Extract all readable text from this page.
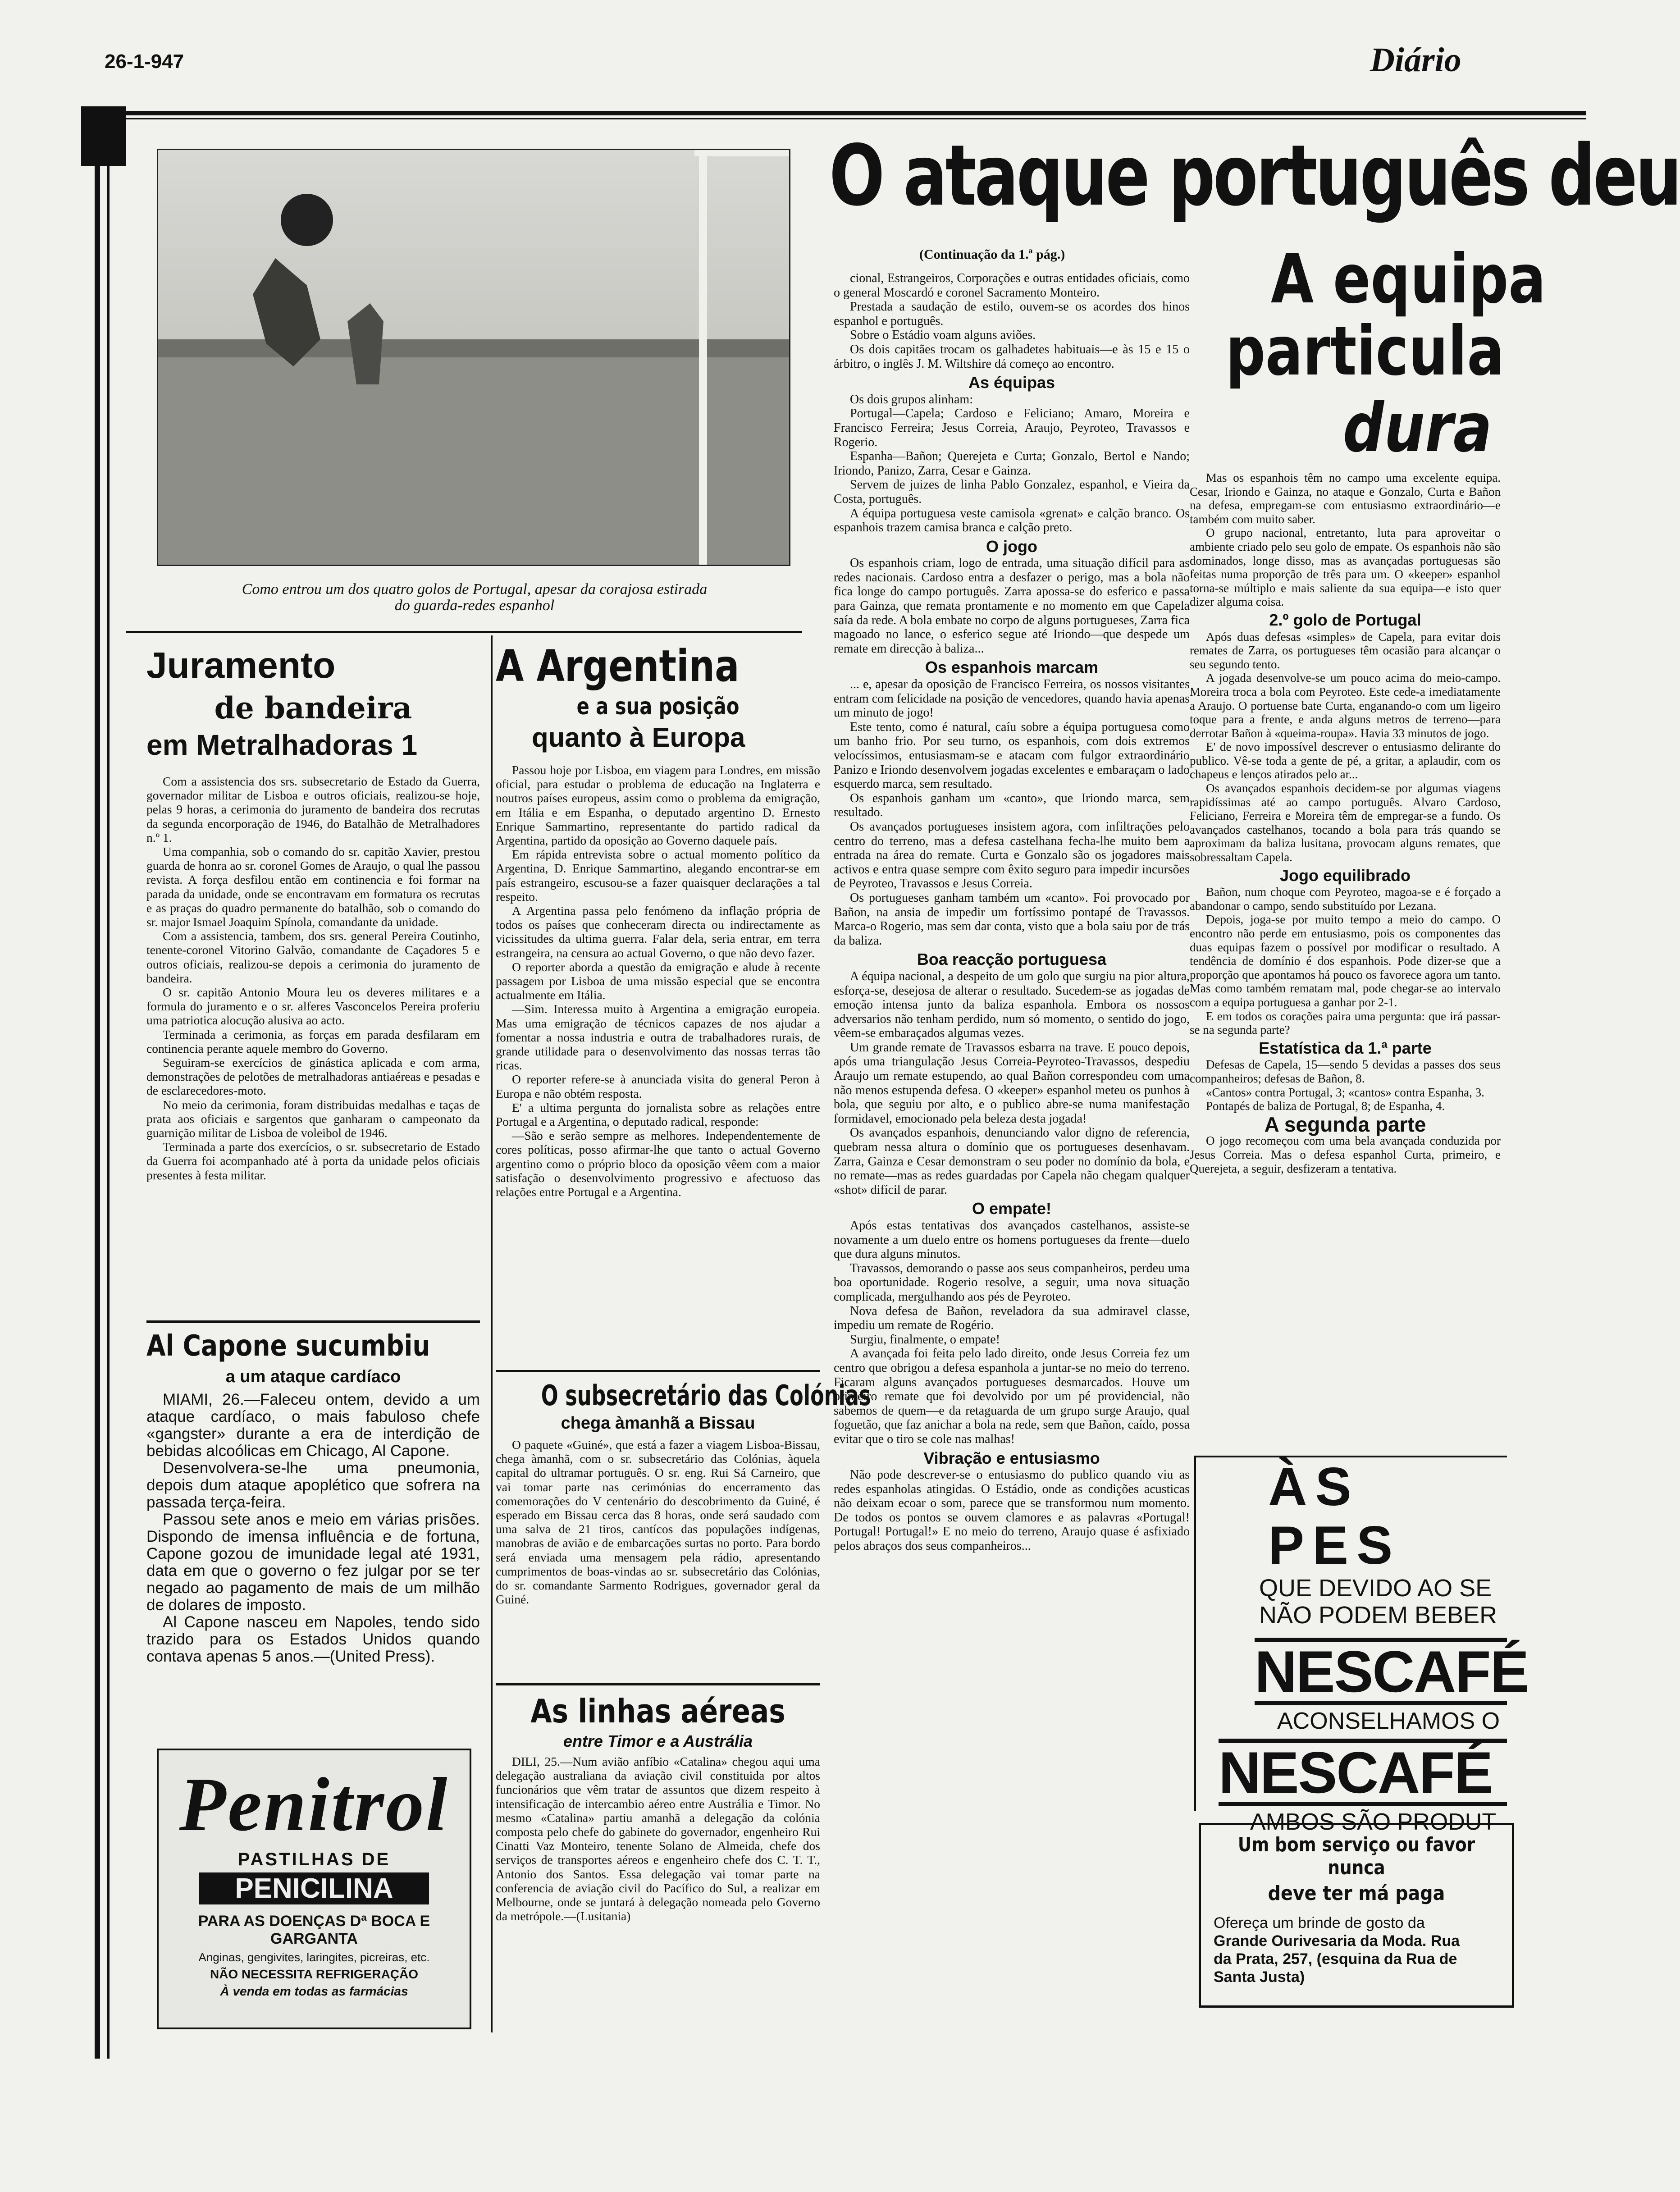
26-1-947	Diário
Como entrou um dos quatro golos de Portugal, apesar da corajosa estirada
do guarda-redes espanhol
O ataque português deu
(Continuação da 1.ª pág.)

cional, Estrangeiros, Corporações e outras entidades oficiais, como o general Moscardó e coronel Sacramento Monteiro.

Prestada a saudação de estilo, ouvem-se os acordes dos hinos espanhol e português.

Sobre o Estádio voam alguns aviões.

Os dois capitães trocam os galhadetes habituais—e às 15 e 15 o árbitro, o inglês J. M. Wiltshire dá começo ao encontro.

As équipas

Os dois grupos alinham:

Portugal—Capela; Cardoso e Feliciano; Amaro, Moreira e Francisco Ferreira; Jesus Correia, Araujo, Peyroteo, Travassos e Rogerio.

Espanha—Bañon; Querejeta e Curta; Gonzalo, Bertol e Nando; Iriondo, Panizo, Zarra, Cesar e Gainza.

Servem de juizes de linha Pablo Gonzalez, espanhol, e Vieira da Costa, português.

A équipa portuguesa veste camisola «grenat» e calção branco. Os espanhois trazem camisa branca e calção preto.

O jogo

Os espanhois criam, logo de entrada, uma situação difícil para as redes nacionais. Cardoso entra a desfazer o perigo, mas a bola não fica longe do campo português. Zarra apossa-se do esferico e passa para Gainza, que remata prontamente e no momento em que Capela saía da rede. A bola embate no corpo de alguns portugueses, Zarra fica magoado no lance, o esferico segue até Iriondo—que despede um remate em direcção à baliza...

Os espanhois marcam

... e, apesar da oposição de Francisco Ferreira, os nossos visitantes entram com felicidade na posição de vencedores, quando havia apenas um minuto de jogo!

Este tento, como é natural, caíu sobre a équipa portuguesa como um banho frio. Por seu turno, os espanhois, com dois extremos velocíssimos, entusiasmam-se e atacam com fulgor extraordinário Panizo e Iriondo desenvolvem jogadas excelentes e embaraçam o lado esquerdo marca, sem resultado.

Os espanhois ganham um «canto», que Iriondo marca, sem resultado.

Os avançados portugueses insistem agora, com infiltrações pelo centro do terreno, mas a defesa castelhana fecha-lhe muito bem a entrada na área do remate. Curta e Gonzalo são os jogadores mais activos e entra quase sempre com êxito seguro para impedir incursões de Peyroteo, Travassos e Jesus Correia.

Os portugueses ganham também um «canto». Foi provocado por Bañon, na ansia de impedir um fortíssimo pontapé de Travassos. Marca-o Rogerio, mas sem dar conta, visto que a bola saiu por de trás da baliza.

Boa reacção portuguesa

A équipa nacional, a despeito de um golo que surgiu na pior altura, esforça-se, desejosa de alterar o resultado. Sucedem-se as jogadas de emoção intensa junto da baliza espanhola. Embora os nossos adversarios não tenham perdido, num só momento, o sentido do jogo, vêem-se embaraçados algumas vezes.

Um grande remate de Travassos esbarra na trave. E pouco depois, após uma triangulação Jesus Correia-Peyroteo-Travassos, despediu Araujo um remate estupendo, ao qual Bañon correspondeu com uma não menos estupenda defesa. O «keeper» espanhol meteu os punhos à bola, que seguiu por alto, e o publico abre-se numa manifestação formidavel, emocionado pela beleza desta jogada!

Os avançados espanhois, denunciando valor digno de referencia, quebram nessa altura o domínio que os portugueses desenhavam. Zarra, Gainza e Cesar demonstram o seu poder no domínio da bola, e no remate—mas as redes guardadas por Capela não chegam qualquer «shot» difícil de parar.

O empate!

Após estas tentativas dos avançados castelhanos, assiste-se novamente a um duelo entre os homens portugueses da frente—duelo que dura alguns minutos.

Travassos, demorando o passe aos seus companheiros, perdeu uma boa oportunidade. Rogerio resolve, a seguir, uma nova situação complicada, mergulhando aos pés de Peyroteo.

Nova defesa de Bañon, reveladora da sua admiravel classe, impediu um remate de Rogério.

Surgiu, finalmente, o empate!

A avançada foi feita pelo lado direito, onde Jesus Correia fez um centro que obrigou a defesa espanhola a juntar-se no meio do terreno. Ficaram alguns avançados portugueses desmarcados. Houve um primeiro remate que foi devolvido por um pé providencial, não sabemos de quem—e da retaguarda de um grupo surge Araujo, qual foguetão, que faz anichar a bola na rede, sem que Bañon, caído, possa evitar que o tiro se cole nas malhas!

Vibração e entusiasmo

Não pode descrever-se o entusiasmo do publico quando viu as redes espanholas atingidas. O Estádio, onde as condições acusticas não deixam ecoar o som, parece que se transformou num momento. De todos os pontos se ouvem clamores e as palavras «Portugal! Portugal! Portugal!» E no meio do terreno, Araujo quase é asfixiado pelos abraços dos seus companheiros...

A equipa
particula
dura

Mas os espanhois têm no campo uma excelente equipa. Cesar, Iriondo e Gainza, no ataque e Gonzalo, Curta e Bañon na defesa, empregam-se com entusiasmo extraordinário—e também com muito saber.

O grupo nacional, entretanto, luta para aproveitar o ambiente criado pelo seu golo de empate. Os espanhois não são dominados, longe disso, mas as avançadas portuguesas são feitas numa proporção de três para um. O «keeper» espanhol torna-se múltiplo e mais saliente da sua equipa—e isto quer dizer alguma coisa.

2.º golo de Portugal

Após duas defesas «simples» de Capela, para evitar dois remates de Zarra, os portugueses têm ocasião para alcançar o seu segundo tento.

A jogada desenvolve-se um pouco acima do meio-campo. Moreira troca a bola com Peyroteo. Este cede-a imediatamente a Araujo. O portuense bate Curta, enganando-o com um ligeiro toque para a frente, e anda alguns metros de terreno—para derrotar Bañon à «queima-roupa». Havia 33 minutos de jogo.

E' de novo impossível descrever o entusiasmo delirante do publico. Vê-se toda a gente de pé, a gritar, a aplaudir, com os chapeus e lenços atirados pelo ar...

Os avançados espanhois decidem-se por algumas viagens rapidíssimas até ao campo português. Alvaro Cardoso, Feliciano, Ferreira e Moreira têm de empregar-se a fundo. Os avançados castelhanos, tocando a bola para trás quando se aproximam da baliza lusitana, provocam alguns remates, que sobressaltam Capela.

Jogo equilibrado

Bañon, num choque com Peyroteo, magoa-se e é forçado a abandonar o campo, sendo substituído por Lezana.

Depois, joga-se por muito tempo a meio do campo. O encontro não perde em entusiasmo, pois os componentes das duas equipas fazem o possível por modificar o resultado. A tendência de domínio é dos espanhois. Pode dizer-se que a proporção que apontamos há pouco os favorece agora um tanto. Mas como também rematam mal, pode chegar-se ao intervalo com a equipa portuguesa a ganhar por 2-1.

E em todos os corações paira uma pergunta: que irá passar-se na segunda parte?

Estatística da 1.ª parte

Defesas de Capela, 15—sendo 5 devidas a passes dos seus companheiros; defesas de Bañon, 8.

«Cantos» contra Portugal, 3; «cantos» contra Espanha, 3.

Pontapés de baliza de Portugal, 8; de Espanha, 4.

A segunda parte

O jogo recomeçou com uma bela avançada conduzida por Jesus Correia. Mas o defesa espanhol Curta, primeiro, e Querejeta, a seguir, desfizeram a tentativa.

ÀS PES
QUE DEVIDO AO SE
NÃO PODEM BEBER
NESCAFÉ
ACONSELHAMOS O
NESCAFÉ
AMBOS SÃO PRODUT
Um bom serviço ou favor nunca
deve ter má paga
Ofereça um brinde de gosto da
Grande Ourivesaria da Moda. Rua
da Prata, 257, (esquina da Rua de
Santa Justa)
Juramento
de bandeira
em Metralhadoras 1

Com a assistencia dos srs. subsecretario de Estado da Guerra, governador militar de Lisboa e outros oficiais, realizou-se hoje, pelas 9 horas, a cerimonia do juramento de bandeira dos recrutas da segunda encorporação de 1946, do Batalhão de Metralhadores n.º 1.

Uma companhia, sob o comando do sr. capitão Xavier, prestou guarda de honra ao sr. coronel Gomes de Araujo, o qual lhe passou revista. A força desfilou então em continencia e foi formar na parada da unidade, onde se encontravam em formatura os recrutas e as praças do quadro permanente do batalhão, sob o comando do sr. major Ismael Joaquim Spínola, comandante da unidade.

Com a assistencia, tambem, dos srs. general Pereira Coutinho, tenente-coronel Vitorino Galvão, comandante de Caçadores 5 e outros oficiais, realizou-se depois a cerimonia do juramento de bandeira.

O sr. capitão Antonio Moura leu os deveres militares e a formula do juramento e o sr. alferes Vasconcelos Pereira proferiu uma patriotica alocução alusiva ao acto.

Terminada a cerimonia, as forças em parada desfilaram em continencia perante aquele membro do Governo.

Seguiram-se exercícios de ginástica aplicada e com arma, demonstrações de pelotões de metralhadoras antiaéreas e pesadas e de esclarecedores-moto.

No meio da cerimonia, foram distribuidas medalhas e taças de prata aos oficiais e sargentos que ganharam o campeonato da guarnição militar de Lisboa de voleibol de 1946.

Terminada a parte dos exercícios, o sr. subsecretario de Estado da Guerra foi acompanhado até à porta da unidade pelos oficiais presentes à festa militar.

Al Capone sucumbiu
a um ataque cardíaco

MIAMI, 26.—Faleceu ontem, devido a um ataque cardíaco, o mais fabuloso chefe «gangster» durante a era de interdição de bebidas alcoólicas em Chicago, Al Capone.

Desenvolvera-se-lhe uma pneumonia, depois dum ataque apoplético que sofrera na passada terça-feira.

Passou sete anos e meio em várias prisões. Dispondo de imensa influência e de fortuna, Capone gozou de imunidade legal até 1931, data em que o governo o fez julgar por se ter negado ao pagamento de mais de um milhão de dolares de imposto.

Al Capone nasceu em Napoles, tendo sido trazido para os Estados Unidos quando contava apenas 5 anos.—(United Press).

Penitrol
PASTILHAS DE
PENICILINA
PARA AS DOENÇAS Dª BOCA E GARGANTA
Anginas, gengivites, laringites, picreiras, etc.
NÃO NECESSITA REFRIGERAÇÃO
À venda em todas as farmácias
A Argentina
e a sua posição
quanto à Europa

Passou hoje por Lisboa, em viagem para Londres, em missão oficial, para estudar o problema de educação na Inglaterra e noutros países europeus, assim como o problema da emigração, em Itália e em Espanha, o deputado argentino D. Ernesto Enrique Sammartino, representante do partido radical da Argentina, partido da oposição ao Governo daquele país.

Em rápida entrevista sobre o actual momento político da Argentina, D. Enrique Sammartino, alegando encontrar-se em país estrangeiro, escusou-se a fazer quaisquer declarações a tal respeito.

A Argentina passa pelo fenómeno da inflação própria de todos os países que conheceram directa ou indirectamente as vicissitudes da ultima guerra. Falar dela, seria entrar, em terra estrangeira, na censura ao actual Governo, o que não devo fazer.

O reporter aborda a questão da emigração e alude à recente passagem por Lisboa de uma missão especial que se encontra actualmente em Itália.

—Sim. Interessa muito à Argentina a emigração europeia. Mas uma emigração de técnicos capazes de nos ajudar a fomentar a nossa industria e outra de trabalhadores rurais, de grande utilidade para o desenvolvimento das nossas terras tão ricas.

O reporter refere-se à anunciada visita do general Peron à Europa e não obtém resposta.

E' a ultima pergunta do jornalista sobre as relações entre Portugal e a Argentina, o deputado radical, responde:

—São e serão sempre as melhores. Independentemente de cores políticas, posso afirmar-lhe que tanto o actual Governo argentino como o próprio bloco da oposição vêem com a maior satisfação o desenvolvimento progressivo e afectuoso das relações entre Portugal e a Argentina.

O subsecretário das Colónias
chega àmanhã a Bissau

O paquete «Guiné», que está a fazer a viagem Lisboa-Bissau, chega àmanhã, com o sr. subsecretário das Colónias, àquela capital do ultramar português. O sr. eng. Rui Sá Carneiro, que vai tomar parte nas cerimónias do encerramento das comemorações do V centenário do descobrimento da Guiné, é esperado em Bissau cerca das 8 horas, onde será saudado com uma salva de 21 tiros, cantícos das populações indígenas, manobras de avião e de embarcações surtas no porto. Para bordo será enviada uma mensagem pela rádio, apresentando cumprimentos de boas-vindas ao sr. subsecretário das Colónias, do sr. comandante Sarmento Rodrigues, governador geral da Guiné.

As linhas aéreas
entre Timor e a Austrália

DILI, 25.—Num avião anfíbio «Catalina» chegou aqui uma delegação australiana da aviação civil constituida por altos funcionários que vêm tratar de assuntos que dizem respeito à intensificação de intercambio aéreo entre Austrália e Timor. No mesmo «Catalina» partiu amanhã a delegação da colónia composta pelo chefe do gabinete do governador, engenheiro Rui Cinatti Vaz Monteiro, tenente Solano de Almeida, chefe dos serviços de transportes aéreos e engenheiro chefe dos C. T. T., Antonio dos Santos. Essa delegação vai tomar parte na conferencia de aviação civil do Pacífico do Sul, a realizar em Melbourne, onde se juntará à delegação nomeada pelo Governo da metrópole.—(Lusitania)
